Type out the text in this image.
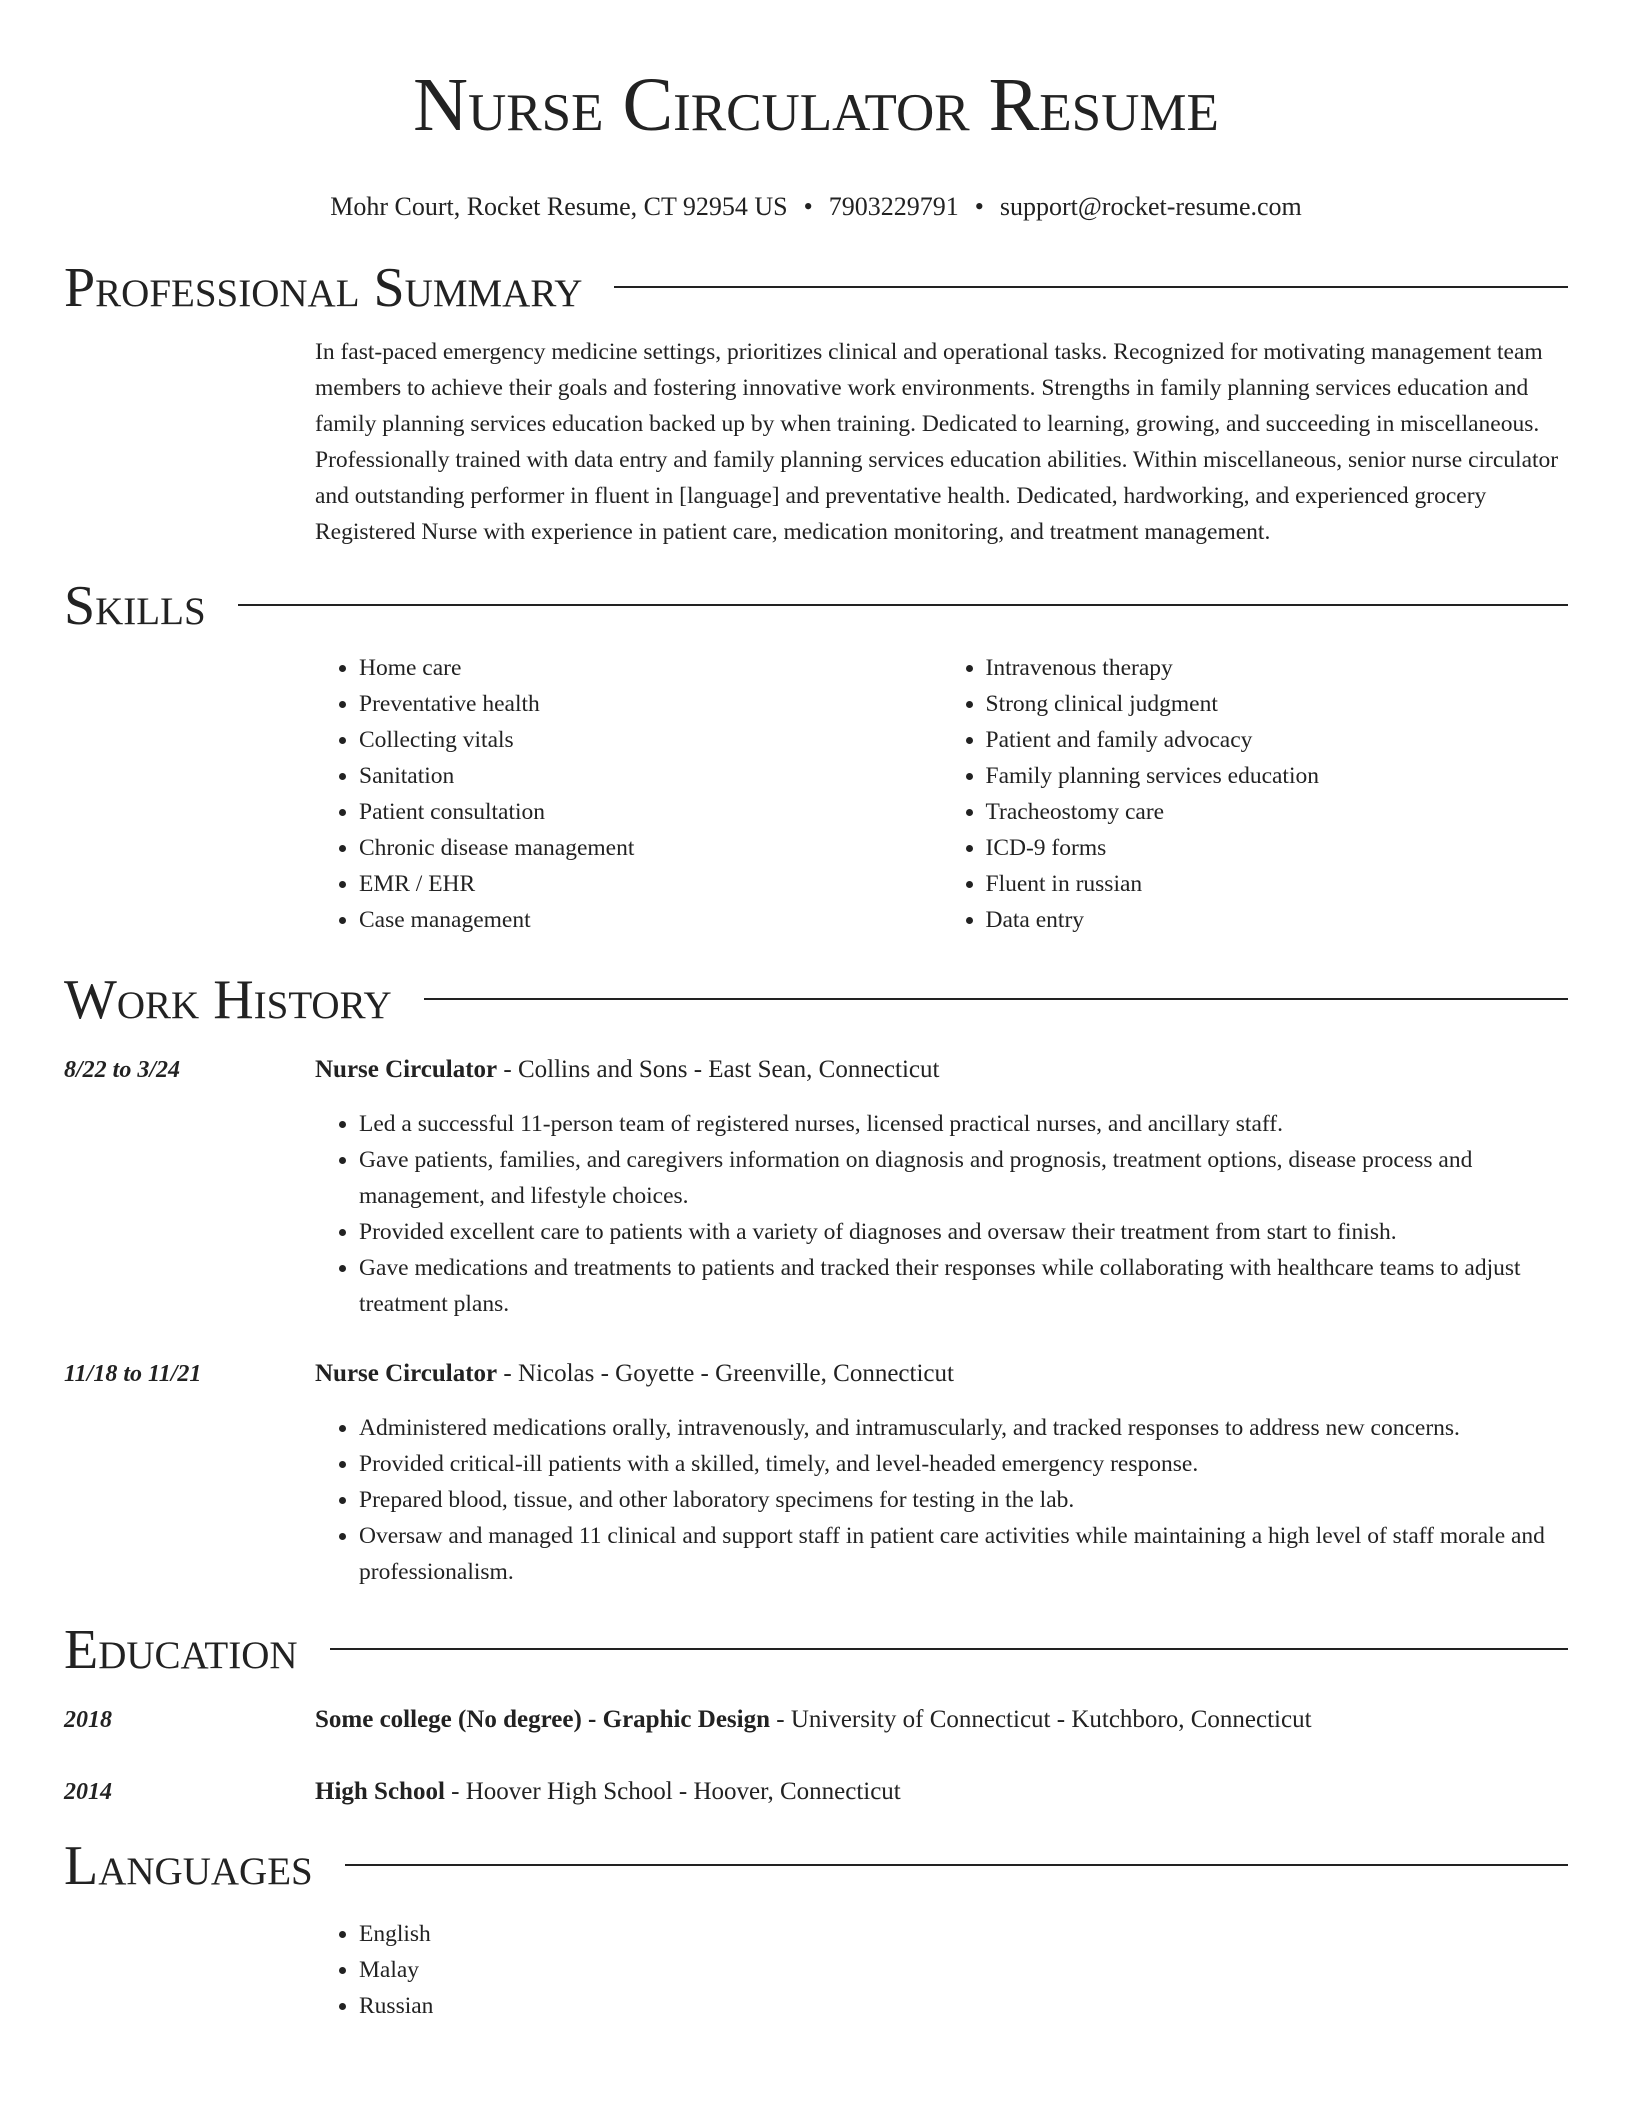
Nurse Circulator Resume
Mohr Court, Rocket Resume, CT 92954 US • 7903229791 • support@rocket-resume.com
Professional Summary
In fast-paced emergency medicine settings, prioritizes clinical and operational tasks. Recognized for motivating management team members to achieve their goals and fostering innovative work environments. Strengths in family planning services education and family planning services education backed up by when training. Dedicated to learning, growing, and succeeding in miscellaneous. Professionally trained with data entry and family planning services education abilities. Within miscellaneous, senior nurse circulator and outstanding performer in fluent in [language] and preventative health. Dedicated, hardworking, and experienced grocery Registered Nurse with experience in patient care, medication monitoring, and treatment management.
Skills
• Home care
• Preventative health
• Collecting vitals
• Sanitation
• Patient consultation
• Chronic disease management
• EMR / EHR
• Case management
• Intravenous therapy
• Strong clinical judgment
• Patient and family advocacy
• Family planning services education
• Tracheostomy care
• ICD-9 forms
• Fluent in russian
• Data entry
Work History
8/22 to 3/24	Nurse Circulator - Collins and Sons - East Sean, Connecticut
• Led a successful 11-person team of registered nurses, licensed practical nurses, and ancillary staff.
• Gave patients, families, and caregivers information on diagnosis and prognosis, treatment options, disease process and management, and lifestyle choices.
• Provided excellent care to patients with a variety of diagnoses and oversaw their treatment from start to finish.
• Gave medications and treatments to patients and tracked their responses while collaborating with healthcare teams to adjust treatment plans.
11/18 to 11/21	Nurse Circulator - Nicolas - Goyette - Greenville, Connecticut
• Administered medications orally, intravenously, and intramuscularly, and tracked responses to address new concerns.
• Provided critical-ill patients with a skilled, timely, and level-headed emergency response.
• Prepared blood, tissue, and other laboratory specimens for testing in the lab.
• Oversaw and managed 11 clinical and support staff in patient care activities while maintaining a high level of staff morale and professionalism.
Education
2018	Some college (No degree) - Graphic Design - University of Connecticut - Kutchboro, Connecticut
2014	High School - Hoover High School - Hoover, Connecticut
Languages
• English
• Malay
• Russian
